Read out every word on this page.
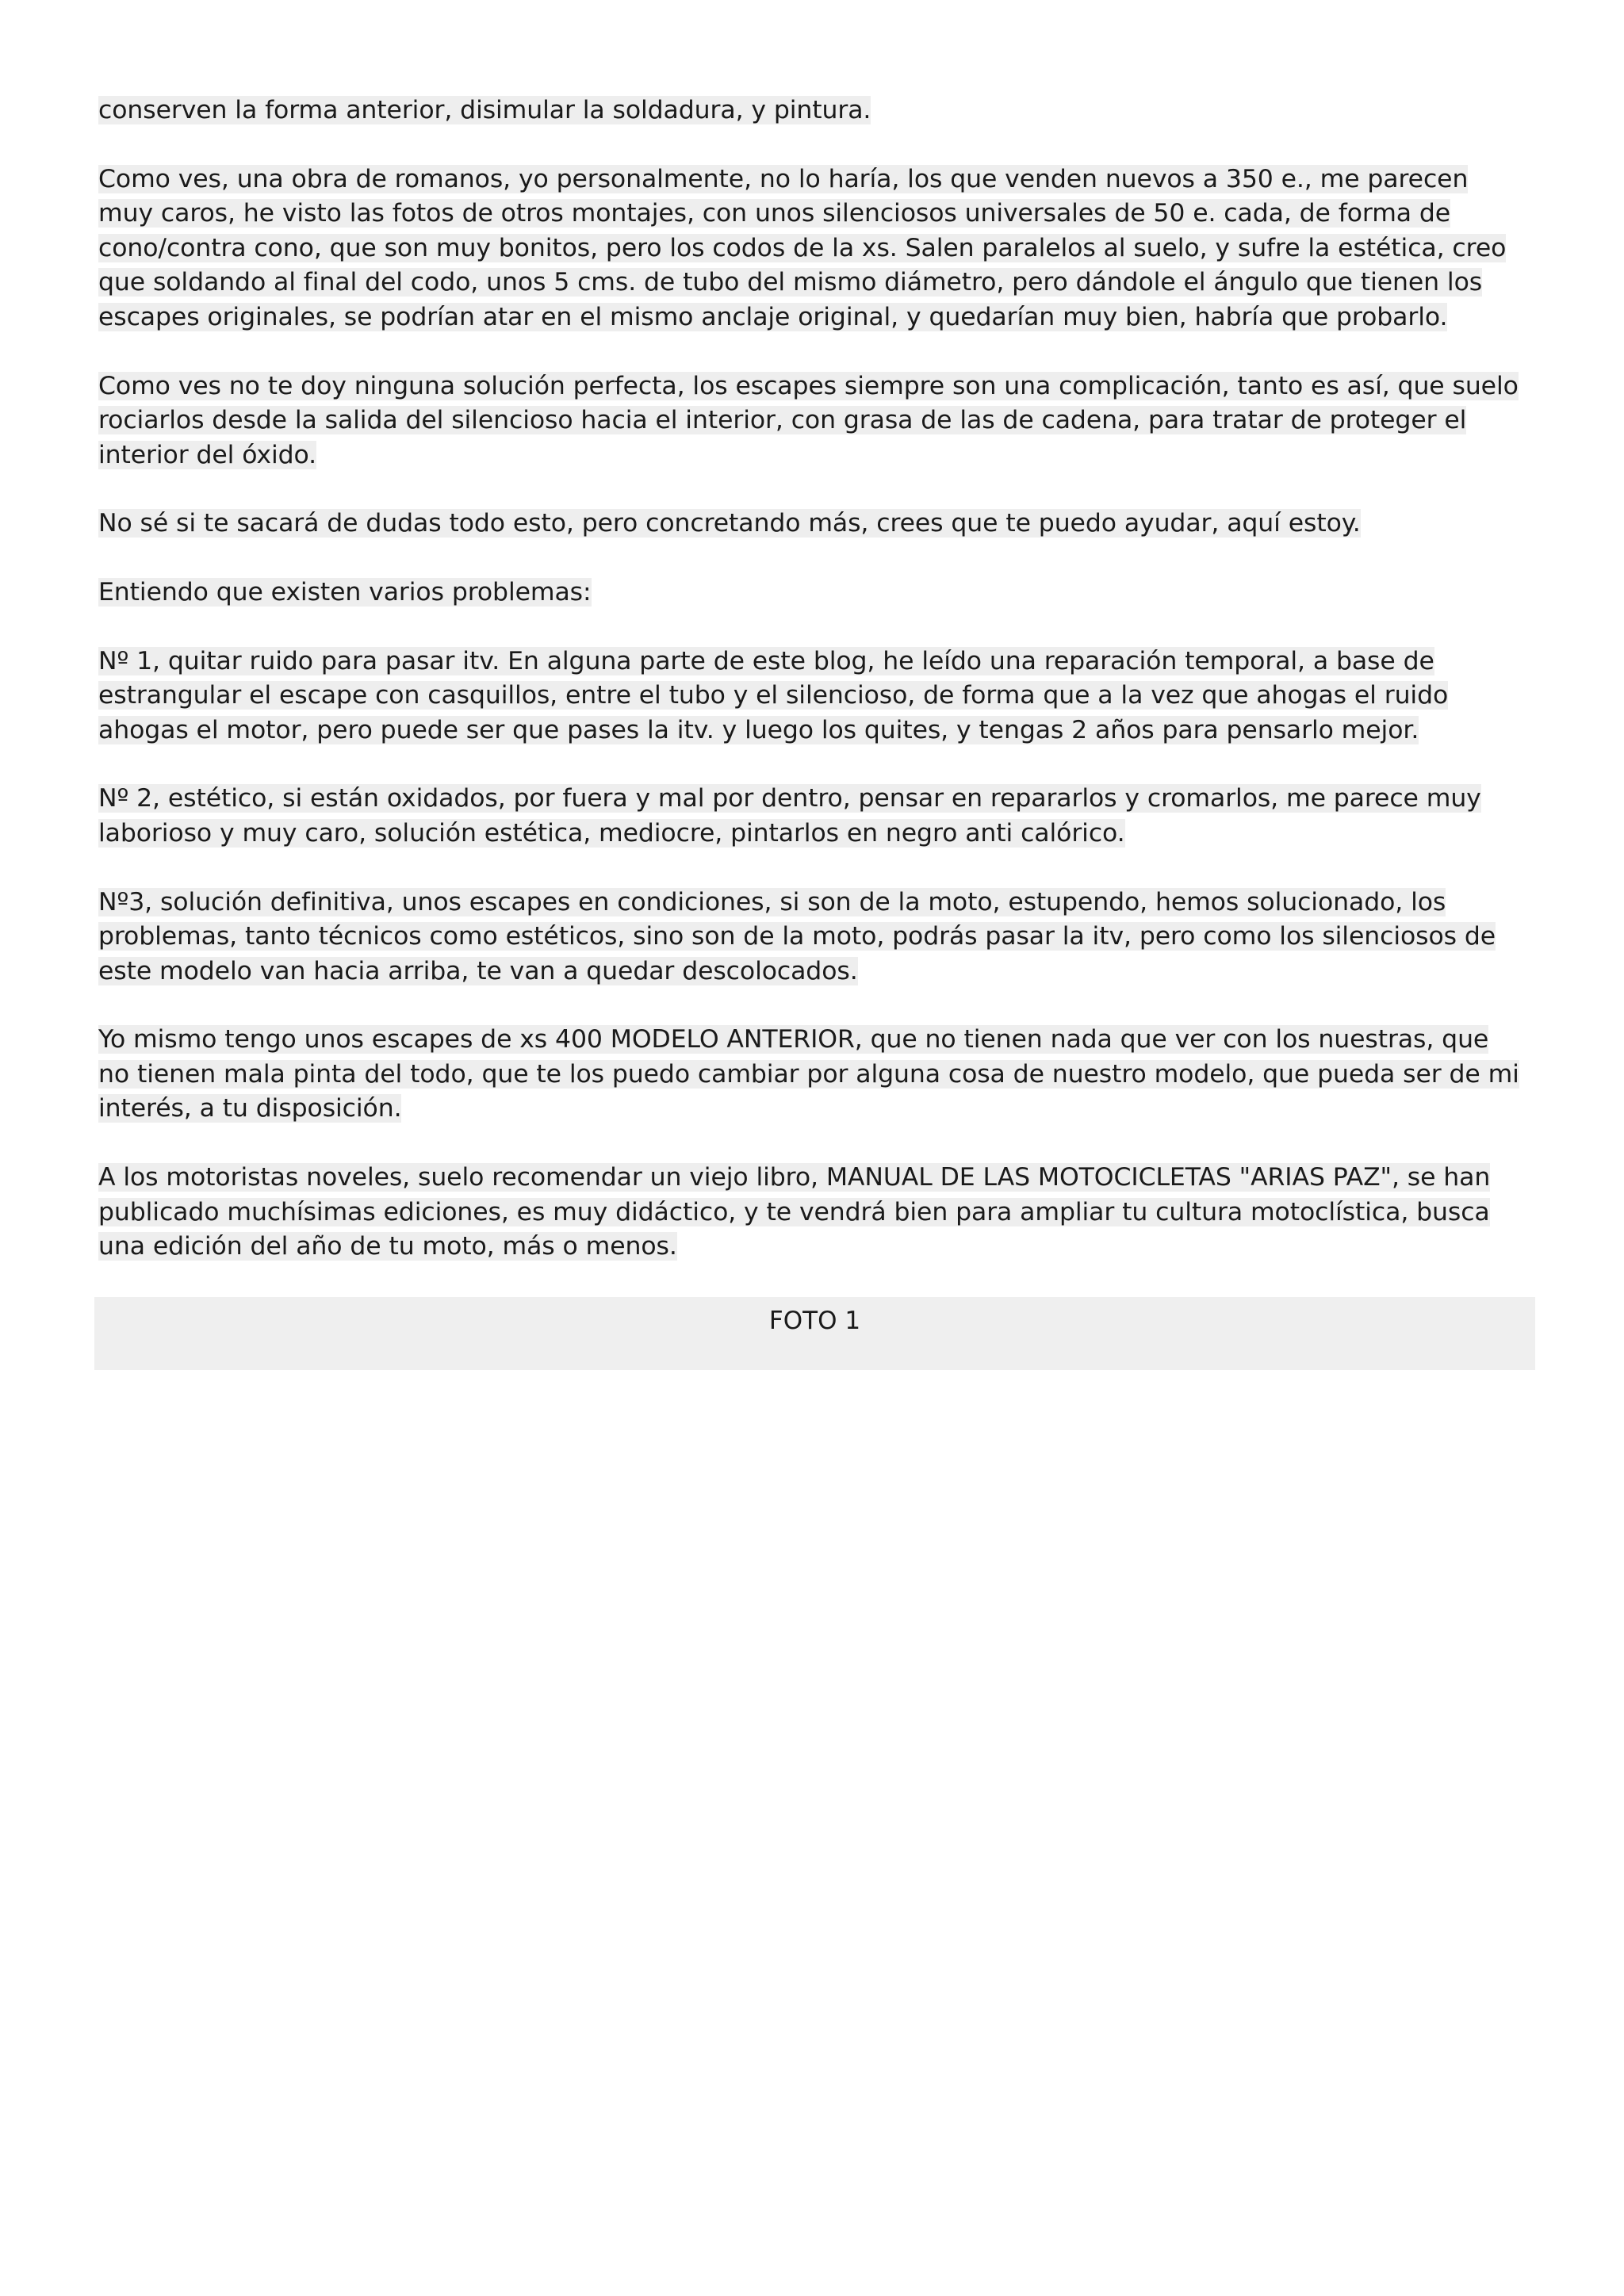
conserven la forma anterior, disimular la soldadura, y pintura.

Como ves, una obra de romanos, yo personalmente, no lo haría, los que venden nuevos a 350 e., me parecen muy caros, he visto las fotos de otros montajes, con unos silenciosos universales de 50 e. cada, de forma de cono/contra cono, que son muy bonitos, pero los codos de la xs. Salen paralelos al suelo, y sufre la estética, creo que soldando al final del codo, unos 5 cms. de tubo del mismo diámetro, pero dándole el ángulo que tienen los escapes originales, se podrían atar en el mismo anclaje original, y quedarían muy bien, habría que probarlo.

Como ves no te doy ninguna solución perfecta, los escapes siempre son una complicación, tanto es así, que suelo rociarlos desde la salida del silencioso hacia el interior, con grasa de las de cadena, para tratar de proteger el interior del óxido.

No sé si te sacará de dudas todo esto, pero concretando más, crees que te puedo ayudar, aquí estoy.

Entiendo que existen varios problemas:

Nº 1, quitar ruido para pasar itv. En alguna parte de este blog, he leído una reparación temporal, a base de estrangular el escape con casquillos, entre el tubo y el silencioso, de forma que a la vez que ahogas el ruido ahogas el motor, pero puede ser que pases la itv. y luego los quites, y tengas 2 años para pensarlo mejor.

Nº 2, estético, si están oxidados, por fuera y mal por dentro, pensar en repararlos y cromarlos, me parece muy laborioso y muy caro, solución estética, mediocre, pintarlos en negro anti calórico.

Nº3, solución definitiva, unos escapes en condiciones, si son de la moto, estupendo, hemos solucionado, los problemas, tanto técnicos como estéticos, sino son de la moto, podrás pasar la itv, pero como los silenciosos de este modelo van hacia arriba, te van a quedar descolocados.

Yo mismo tengo unos escapes de xs 400 MODELO ANTERIOR, que no tienen nada que ver con los nuestras, que no tienen mala pinta del todo, que te los puedo cambiar por alguna cosa de nuestro modelo, que pueda ser de mi interés, a tu disposición.

A los motoristas noveles, suelo recomendar un viejo libro, MANUAL DE LAS MOTOCICLETAS "ARIAS PAZ", se han publicado muchísimas ediciones, es muy didáctico, y te vendrá bien para ampliar tu cultura motoclística, busca una edición del año de tu moto, más o menos.

FOTO 1
